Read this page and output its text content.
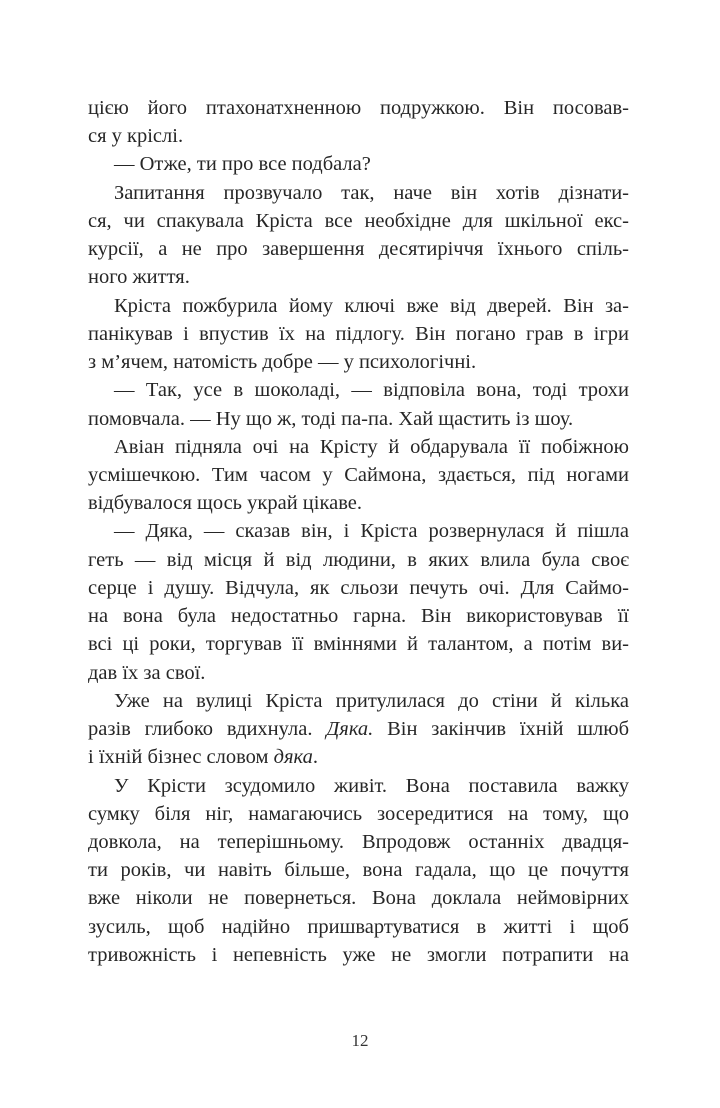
цією його птахонатхненною подружкою. Він посовав-
ся у кріслі.
— Отже, ти про все подбала?
Запитання прозвучало так, наче він хотів дізнати-
ся, чи спакувала Кріста все необхідне для шкільної екс-
курсії, а не про завершення десятиріччя їхнього спіль-
ного життя.
Кріста пожбурила йому ключі вже від дверей. Він за-
панікував і впустив їх на підлогу. Він погано грав в ігри
з м’ячем, натомість добре — у психологічні.
— Так, усе в шоколаді, — відповіла вона, тоді трохи
помовчала. — Ну що ж, тоді па-па. Хай щастить із шоу.
Авіан підняла очі на Крісту й обдарувала її побіжною
усмішечкою. Тим часом у Саймона, здається, під ногами
відбувалося щось украй цікаве.
— Дяка, — сказав він, і Кріста розвернулася й пішла
геть — від місця й від людини, в яких влила була своє
серце і душу. Відчула, як сльози печуть очі. Для Саймо-
на вона була недостатньо гарна. Він використовував її
всі ці роки, торгував її вміннями й талантом, а потім ви-
дав їх за свої.
Уже на вулиці Кріста притулилася до стіни й кілька
разів глибоко вдихнула. Дяка. Він закінчив їхній шлюб
і їхній бізнес словом дяка.
У Крісти зсудомило живіт. Вона поставила важку
сумку біля ніг, намагаючись зосередитися на тому, що
довкола, на теперішньому. Впродовж останніх двадця-
ти років, чи навіть більше, вона гадала, що це почуття
вже ніколи не повернеться. Вона доклала неймовірних
зусиль, щоб надійно пришвартуватися в житті і щоб
тривожність і непевність уже не змогли потрапити на
12
